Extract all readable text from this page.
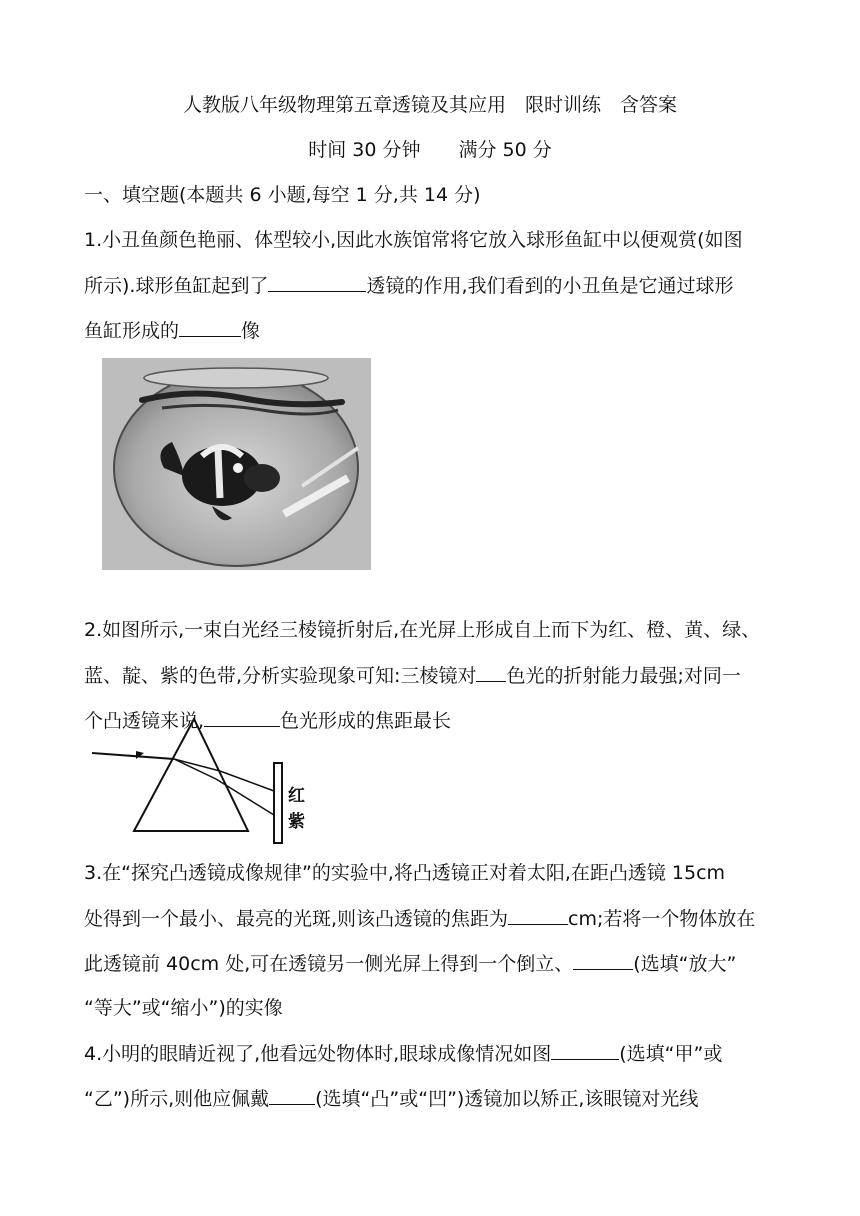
人教版八年级物理第五章透镜及其应用　限时训练　含答案
时间 30 分钟　　满分 50 分
一、填空题(本题共 6 小题,每空 1 分,共 14 分)
1.小丑鱼颜色艳丽、体型较小,因此水族馆常将它放入球形鱼缸中以便观赏(如图
所示).球形鱼缸起到了	透镜的作用,我们看到的小丑鱼是它通过球形
鱼缸形成的	像
2.如图所示,一束白光经三棱镜折射后,在光屏上形成自上而下为红、橙、黄、绿、
蓝、靛、紫的色带,分析实验现象可知:三棱镜对 色光的折射能力最强;对同一
个凸透镜来说,	色光形成的焦距最长
红
紫
3.在“探究凸透镜成像规律”的实验中,将凸透镜正对着太阳,在距凸透镜 15cm
处得到一个最小、最亮的光斑,则该凸透镜的焦距为	cm;若将一个物体放在
此透镜前 40cm 处,可在透镜另一侧光屏上得到一个倒立、	(选填“放大”
“等大”或“缩小”)的实像
4.小明的眼睛近视了,他看远处物体时,眼球成像情况如图	(选填“甲”或
“乙”)所示,则他应佩戴 (选填“凸”或“凹”)透镜加以矫正,该眼镜对光线
